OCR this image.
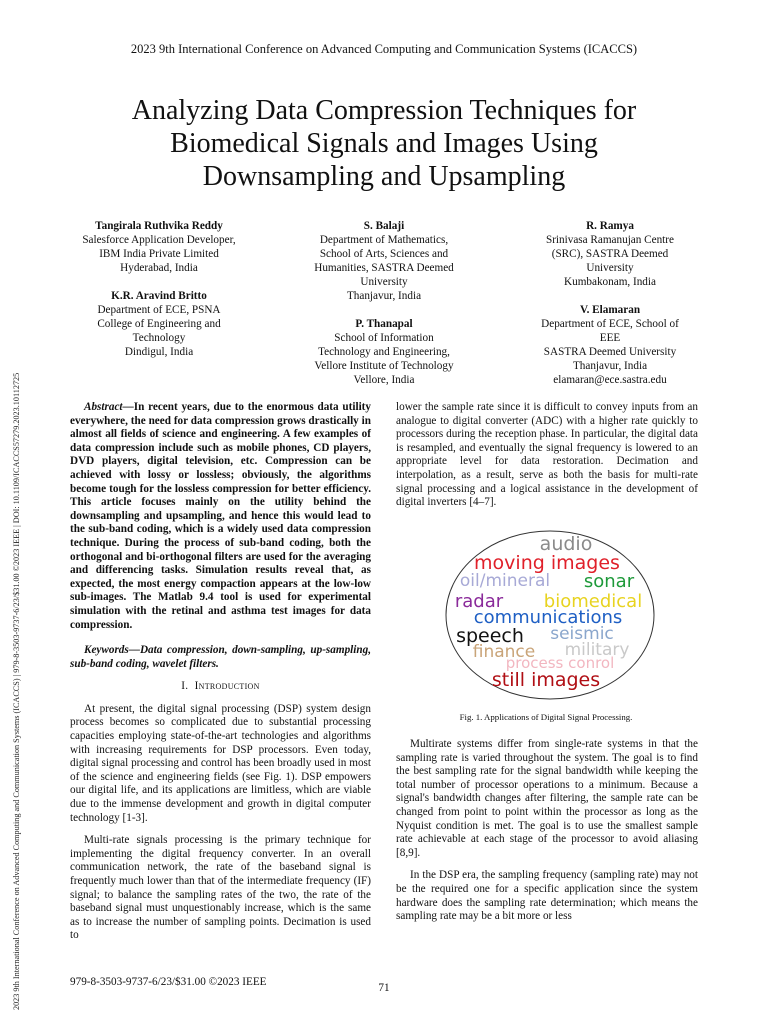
2023 9th International Conference on Advanced Computing and Communication Systems (ICACCS)
Analyzing Data Compression Techniques for
Biomedical Signals and Images Using
Downsampling and Upsampling
2023 9th International Conference on Advanced Computing and Communication Systems (ICACCS) | 979-8-3503-9737-6/23/$31.00 ©2023 IEEE | DOI: 10.1109/ICACCS57279.2023.10112725
Tangirala Ruthvika Reddy
Salesforce Application Developer,
IBM India Private Limited
Hyderabad, India
S. Balaji
Department of Mathematics,
School of Arts, Sciences and
Humanities, SASTRA Deemed
University
Thanjavur, India
R. Ramya
Srinivasa Ramanujan Centre
(SRC), SASTRA Deemed
University
Kumbakonam, India
K.R. Aravind Britto
Department of ECE, PSNA
College of Engineering and
Technology
Dindigul, India
P. Thanapal
School of Information
Technology and Engineering,
Vellore Institute of Technology
Vellore, India
V. Elamaran
Department of ECE, School of
EEE
SASTRA Deemed University
Thanjavur, India
elamaran@ece.sastra.edu

Abstract—In recent years, due to the enormous data utility everywhere, the need for data compression grows drastically in almost all fields of science and engineering. A few examples of data compression include such as mobile phones, CD players, DVD players, digital television, etc. Compression can be achieved with lossy or lossless; obviously, the algorithms become tough for the lossless compression for better efficiency. This article focuses mainly on the utility behind the downsampling and upsampling, and hence this would lead to the sub-band coding, which is a widely used data compression technique. During the process of sub-band coding, both the orthogonal and bi-orthogonal filters are used for the averaging and differencing tasks. Simulation results reveal that, as expected, the most energy compaction appears at the low-low sub-images. The Matlab 9.4 tool is used for experimental simulation with the retinal and asthma test images for data compression.

Keywords—Data compression, down-sampling, up-sampling, sub-band coding, wavelet filters.

I. Introduction

At present, the digital signal processing (DSP) system design process becomes so complicated due to substantial processing capacities employing state-of-the-art technologies and algorithms with increasing requirements for DSP processors. Even today, digital signal processing and control has been broadly used in most of the science and engineering fields (see Fig. 1). DSP empowers our digital life, and its applications are limitless, which are viable due to the immense development and growth in digital computer technology [1-3].

Multi-rate signals processing is the primary technique for implementing the digital frequency converter. In an overall communication network, the rate of the baseband signal is frequently much lower than that of the intermediate frequency (IF) signal; to balance the sampling rates of the two, the rate of the baseband signal must unquestionably increase, which is the same as to increase the number of sampling points. Decimation is used to

lower the sample rate since it is difficult to convey inputs from an analogue to digital converter (ADC) with a higher rate quickly to processors during the reception phase. In particular, the digital data is resampled, and eventually the signal frequency is lowered to an appropriate level for data restoration. Decimation and interpolation, as a result, serve as both the basis for multi-rate signal processing and a logical assistance in the development of digital inverters [4–7].

audio
moving images
oil/mineral sonar
radar biomedical
communications
speech seismic
military
finance
process conrol
still images
Fig. 1. Applications of Digital Signal Processing.

Multirate systems differ from single-rate systems in that the sampling rate is varied throughout the system. The goal is to find the best sampling rate for the signal bandwidth while keeping the total number of processor operations to a minimum. Because a signal's bandwidth changes after filtering, the sample rate can be changed from point to point within the processor as long as the Nyquist condition is met. The goal is to use the smallest sample rate achievable at each stage of the processor to avoid aliasing [8,9].

In the DSP era, the sampling frequency (sampling rate) may not be the required one for a specific application since the system hardware does the sampling rate determination; which means the sampling rate may be a bit more or less

979-8-3503-9737-6/23/$31.00 ©2023 IEEE	71
